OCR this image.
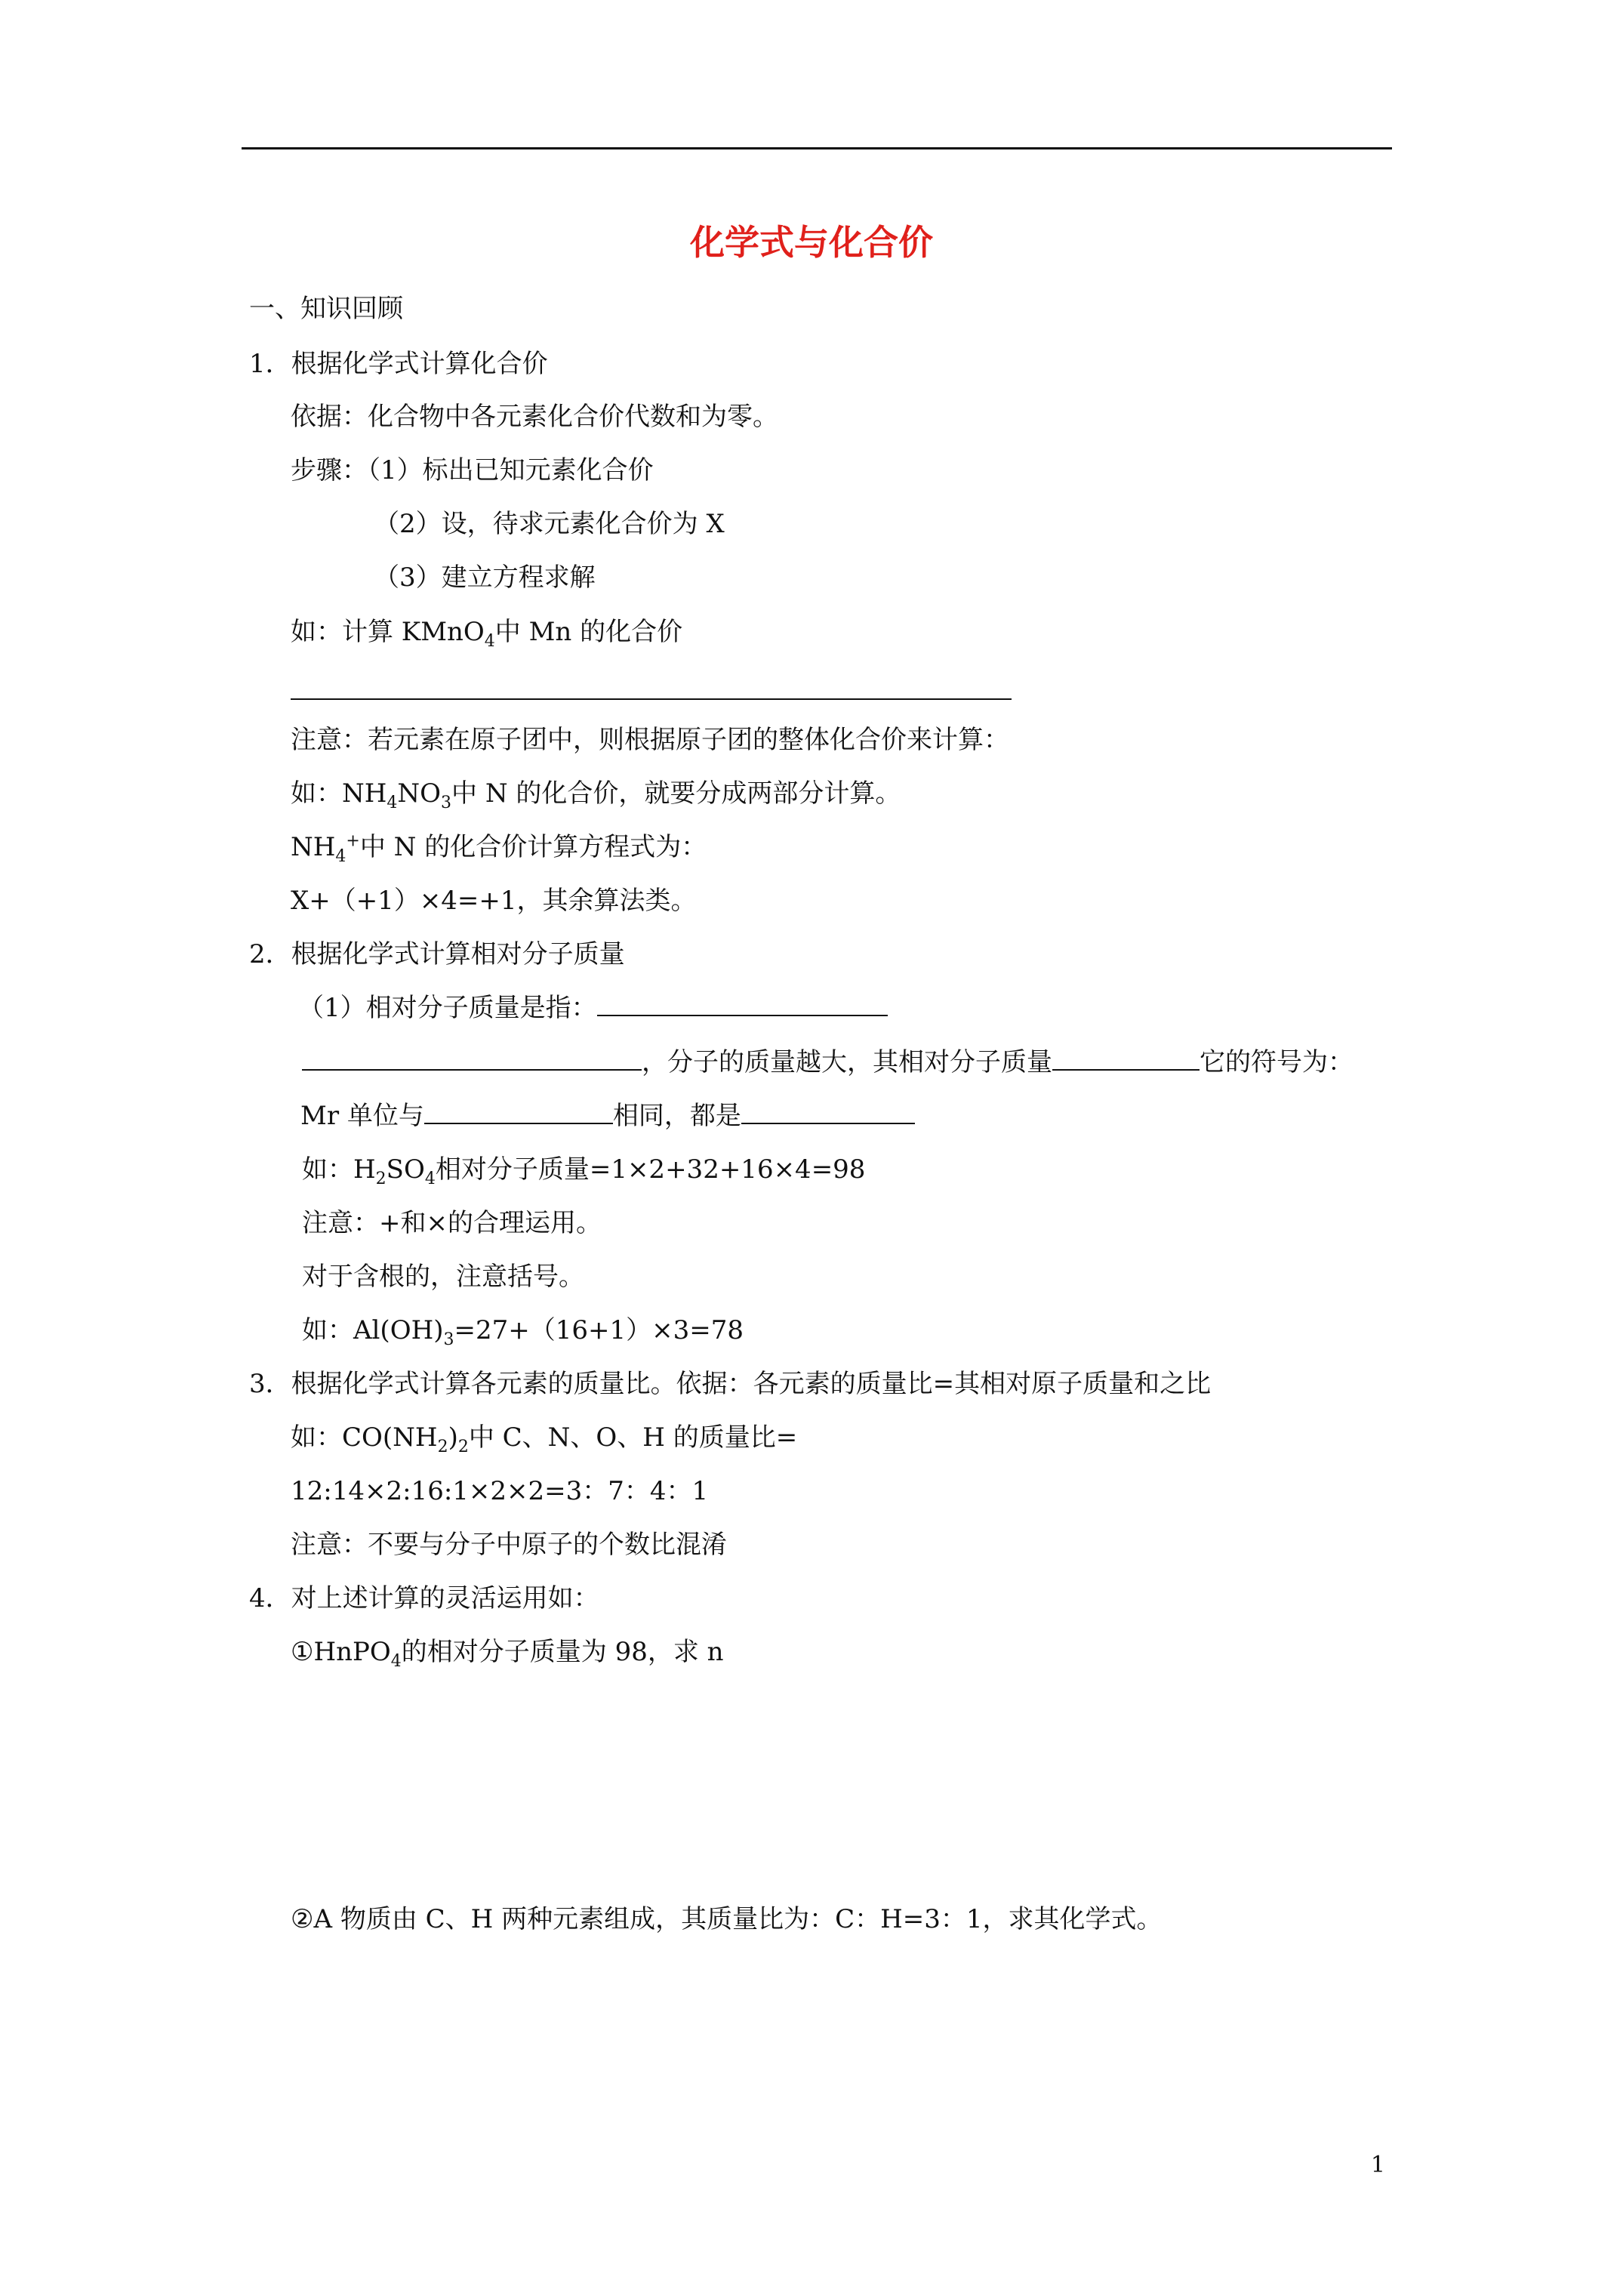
化学式与化合价
一、知识回顾
1．根据化学式计算化合价
依据：化合物中各元素化合价代数和为零。
步骤：（1）标出已知元素化合价
（2）设，待求元素化合价为 X
（3）建立方程求解
如：计算 KMnO$_4$中 Mn 的化合价
注意：若元素在原子团中，则根据原子团的整体化合价来计算：
如：$NH_4NO_3$中 N 的化合价，就要分成两部分计算。
$NH_4^+$中 N 的化合价计算方程式为：
X+（+1）×4=+1，其余算法类。
2．根据化学式计算相对分子质量
（1）相对分子质量是指：
，分子的质量越大，其相对分子质量	它的符号为：
Mr 单位与	相同，都是
如：$H_2SO_4$相对分子质量=1×2+32+16×4=98
注意：+和×的合理运用。
对于含根的，注意括号。
如：$Al(OH)_3=27+(16+1)\times 3=78$
3．根据化学式计算各元素的质量比。依据：各元素的质量比=其相对原子质量和之比
如：$CO(NH_2)_2$中 C、N、O、H 的质量比=
12:14×2:16:1×2×2=3：7：4：1
注意：不要与分子中原子的个数比混淆
4．对上述计算的灵活运用如：
①HnPO$_4$的相对分子质量为 98，求 n
②A 物质由 C、H 两种元素组成，其质量比为：C：H=3：1，求其化学式。
1
